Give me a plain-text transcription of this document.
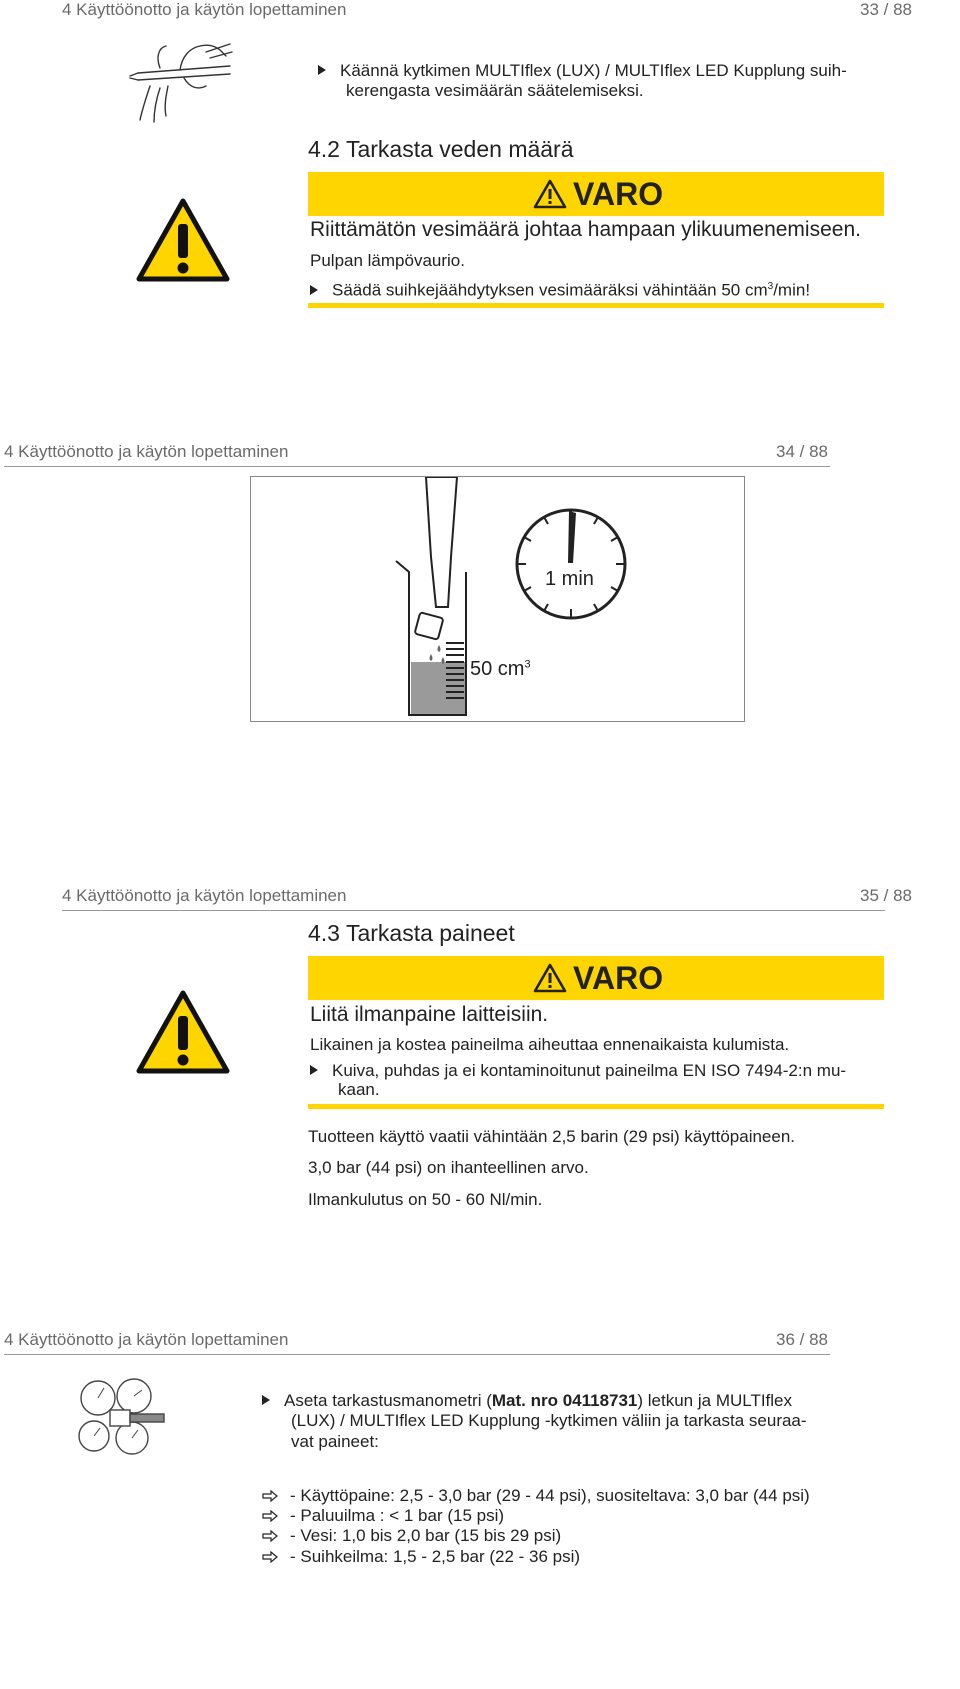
4 Käyttöönotto ja käytön lopettaminen	33 / 88
Käännä kytkimen MULTIflex (LUX) / MULTIflex LED Kupplung suih-
kerengasta vesimäärän säätelemiseksi.
4.2 Tarkasta veden määrä
VARO
Riittämätön vesimäärä johtaa hampaan ylikuumenemiseen.
Pulpan lämpövaurio.
Säädä suihkejäähdytyksen vesimääräksi vähintään 50 $cm^3/\min$!
4 Käyttöönotto ja käytön lopettaminen	34 / 88
1 min
50 $cm^3$
4 Käyttöönotto ja käytön lopettaminen	35 / 88
4.3 Tarkasta paineet
VARO
Liitä ilmanpaine laitteisiin.
Likainen ja kostea paineilma aiheuttaa ennenaikaista kulumista.
Kuiva, puhdas ja ei kontaminoitunut paineilma EN ISO 7494-2:n mu-
kaan.
Tuotteen käyttö vaatii vähintään 2,5 barin (29 psi) käyttöpaineen.
3,0 bar (44 psi) on ihanteellinen arvo.
Ilmankulutus on 50 - 60 Nl/min.
4 Käyttöönotto ja käytön lopettaminen	36 / 88
Aseta tarkastusmanometri (Mat. nro 04118731) letkun ja MULTIflex
(LUX) / MULTIflex LED Kupplung -kytkimen väliin ja tarkasta seuraa-
vat paineet:
- Käyttöpaine: 2,5 - 3,0 bar (29 - 44 psi), suositeltava: 3,0 bar (44 psi)
- Paluuilma : < 1 bar (15 psi)
- Vesi: 1,0 bis 2,0 bar (15 bis 29 psi)
- Suihkeilma: 1,5 - 2,5 bar (22 - 36 psi)
